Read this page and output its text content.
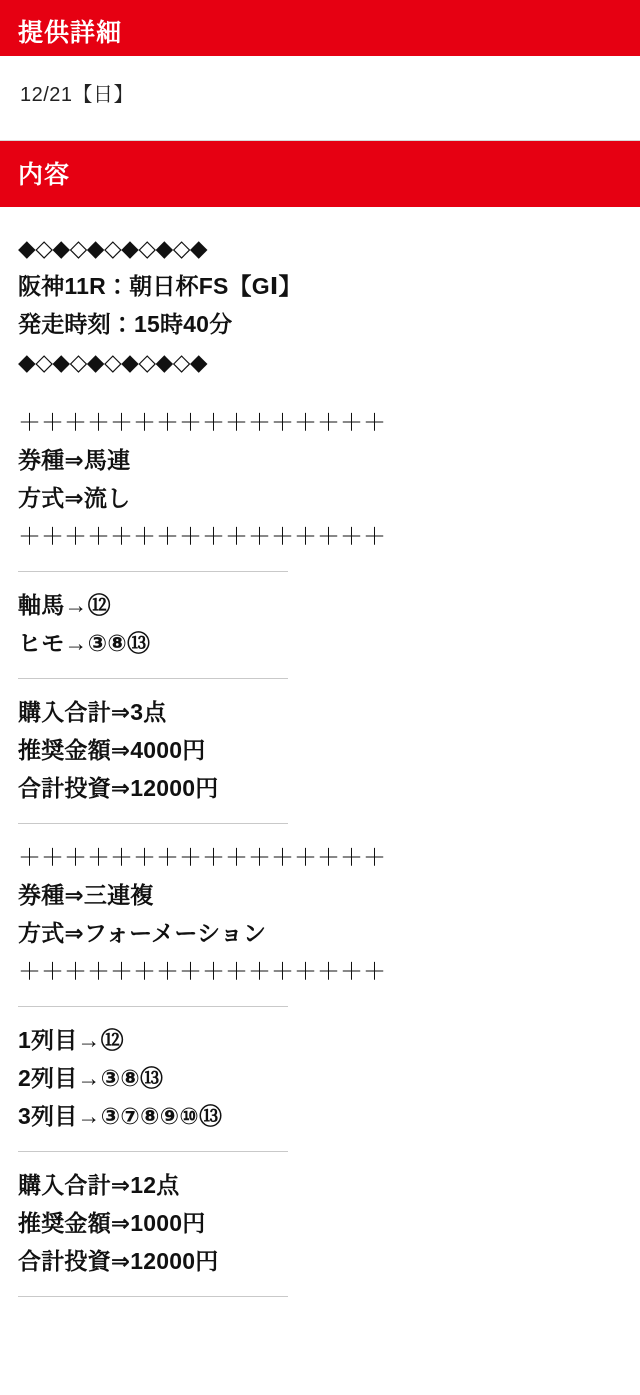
提供詳細
12/21【日】
内容
◆◇◆◇◆◇◆◇◆◇◆
阪神11R：朝日杯FS【GⅠ】
発走時刻：15時40分
◆◇◆◇◆◇◆◇◆◇◆
＋＋＋＋＋＋＋＋＋＋＋＋＋＋＋＋
券種⇒馬連
方式⇒流し
＋＋＋＋＋＋＋＋＋＋＋＋＋＋＋＋
軸馬→⑫
ヒモ→③⑧⑬
購入合計⇒3点
推奨金額⇒4000円
合計投資⇒12000円
＋＋＋＋＋＋＋＋＋＋＋＋＋＋＋＋
券種⇒三連複
方式⇒フォーメーション
＋＋＋＋＋＋＋＋＋＋＋＋＋＋＋＋
1列目→⑫
2列目→③⑧⑬
3列目→③⑦⑧⑨⑩⑬
購入合計⇒12点
推奨金額⇒1000円
合計投資⇒12000円
